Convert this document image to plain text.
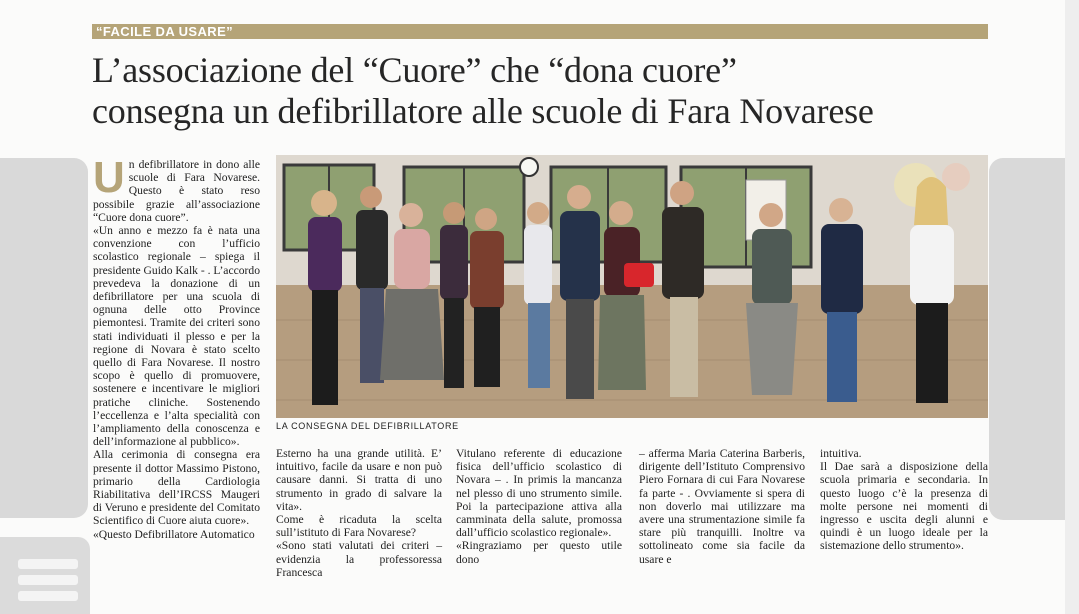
“FACILE DA USARE”
L’associazione del “Cuore” che “dona cuore”
consegna un defibrillatore alle scuole di Fara Novarese
LA CONSEGNA DEL DEFIBRILLATORE
U n defibrillatore in dono alle scuole di Fara Novarese. Questo è stato reso possibile grazie all’associazione “Cuore dona cuore”.

«Un anno e mezzo fa è nata una convenzione con l’ufficio scolastico regionale – spiega il presidente Guido Kalk - . L’accordo prevedeva la donazione di un defibrillatore per una scuola di ognuna delle otto Province piemontesi. Tramite dei criteri sono stati individuati il plesso e per la regione di Novara è stato scelto quello di Fara Novarese. Il nostro scopo è quello di promuovere, sostenere e incentivare le migliori pratiche cliniche. Sostenendo l’eccellenza e l’alta specialità con l’ampliamento della conoscenza e dell’informazione al pubblico».

Alla cerimonia di consegna era presente il dottor Massimo Pistono, primario della Cardiologia Riabilitativa dell’IRCSS Maugeri di Veruno e presidente del Comitato Scientifico di Cuore aiuta cuore».

«Questo Defibrillatore Automatico

Esterno ha una grande utilità. E’ intuitivo, facile da usare e non può causare danni. Si tratta di uno strumento in grado di salvare la vita».

Come è ricaduta la scelta sull’istituto di Fara Novarese?

«Sono stati valutati dei criteri – evidenzia la professoressa Francesca

Vitulano referente di educazione fisica dell’ufficio scolastico di Novara – . In primis la mancanza nel plesso di uno strumento simile. Poi la partecipazione attiva alla camminata della salute, promossa dall’ufficio scolastico regionale».

«Ringraziamo per questo utile dono

– afferma Maria Caterina Barberis, dirigente dell’Istituto Comprensivo Piero Fornara di cui Fara Novarese fa parte - . Ovviamente si spera di non doverlo mai utilizzare ma avere una strumentazione simile fa stare più tranquilli. Inoltre va sottolineato come sia facile da usare e

intuitiva.

Il Dae sarà a disposizione della scuola primaria e secondaria. In questo luogo c’è la presenza di molte persone nei momenti di ingresso e uscita degli alunni e quindi è un luogo ideale per la sistemazione dello strumento».
